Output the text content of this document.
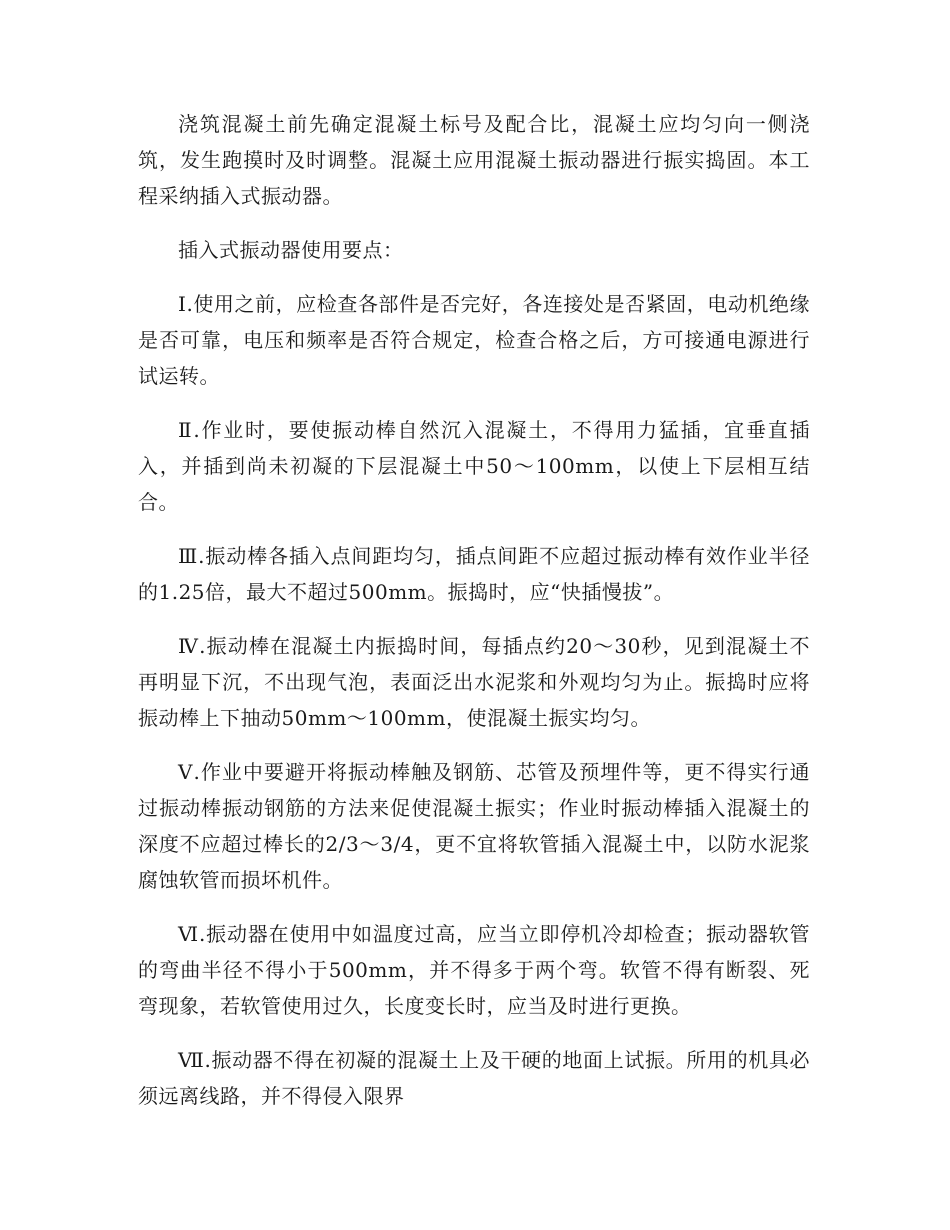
浇筑混凝土前先确定混凝土标号及配合比，混凝土应均匀向一侧浇筑，发生跑摸时及时调整。混凝土应用混凝土振动器进行振实捣固。本工程采纳插入式振动器。

插入式振动器使用要点：

Ⅰ.使用之前，应检查各部件是否完好，各连接处是否紧固，电动机绝缘是否可靠，电压和频率是否符合规定，检查合格之后，方可接通电源进行试运转。

Ⅱ.作业时，要使振动棒自然沉入混凝土，不得用力猛插，宜垂直插入，并插到尚未初凝的下层混凝土中50～100mm，以使上下层相互结合。

Ⅲ.振动棒各插入点间距均匀，插点间距不应超过振动棒有效作业半径的1.25倍，最大不超过500mm。振捣时，应“快插慢拔”。

Ⅳ.振动棒在混凝土内振捣时间，每插点约20～30秒，见到混凝土不再明显下沉，不出现气泡，表面泛出水泥浆和外观均匀为止。振捣时应将振动棒上下抽动50mm～100mm，使混凝土振实均匀。

Ⅴ.作业中要避开将振动棒触及钢筋、芯管及预埋件等，更不得实行通过振动棒振动钢筋的方法来促使混凝土振实；作业时振动棒插入混凝土的深度不应超过棒长的2/3～3/4，更不宜将软管插入混凝土中，以防水泥浆腐蚀软管而损坏机件。

Ⅵ.振动器在使用中如温度过高，应当立即停机冷却检查；振动器软管的弯曲半径不得小于500mm，并不得多于两个弯。软管不得有断裂、死弯现象，若软管使用过久，长度变长时，应当及时进行更换。

Ⅶ.振动器不得在初凝的混凝土上及干硬的地面上试振。所用的机具必须远离线路，并不得侵入限界
